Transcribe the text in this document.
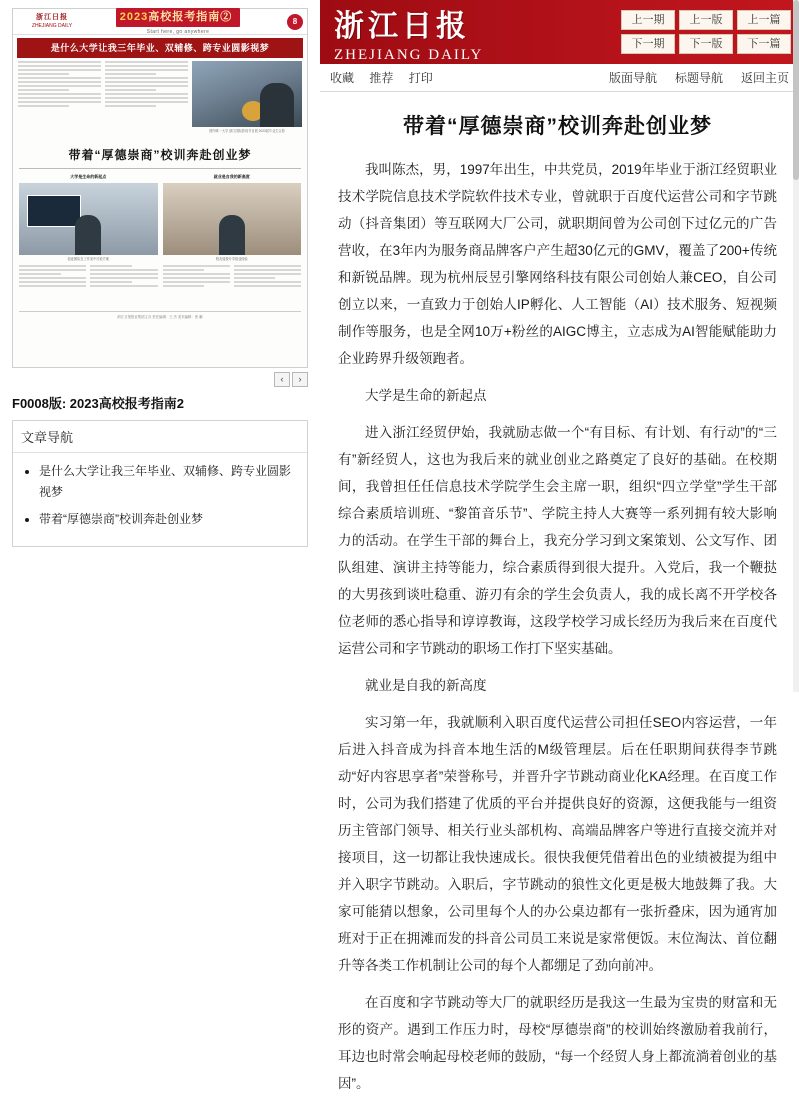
浙江日报
ZHEJIANG DAILY
2023高校报考指南②
Start here, go anywhere
8
是什么大学让我三年毕业、双辅修、跨专业圆影视梦
国内唯一大学 浙江国际影视节目展 2023届毕业生合影
带着“厚德崇商”校训奔赴创业梦
大学是生命的新起点
创业团队在工作室中讨论方案
就业是自我的新高度
校友返校分享创业经验
浙江日报报业集团主办 责任编辑：王 杰 美术编辑：张 鹏
‹	›
F0008版: 2023高校报考指南2
文章导航
• 是什么大学让我三年毕业、双辅修、跨专业圆影视梦
• 带着“厚德崇商”校训奔赴创业梦
浙江日报
ZHEJIANG DAILY
上一期	上一版	上一篇
下一期	下一版	下一篇
收藏 推荐 打印	版面导航 标题导航 返回主页
带着“厚德崇商”校训奔赴创业梦

我叫陈杰，男，1997年出生，中共党员，2019年毕业于浙江经贸职业技术学院信息技术学院软件技术专业，曾就职于百度代运营公司和字节跳动（抖音集团）等互联网大厂公司，就职期间曾为公司创下过亿元的广告营收，在3年内为服务商品牌客户产生超30亿元的GMV，覆盖了200+传统和新锐品牌。现为杭州辰昱引擎网络科技有限公司创始人兼CEO，自公司创立以来，一直致力于创始人IP孵化、人工智能（AI）技术服务、短视频制作等服务，也是全网10万+粉丝的AIGC博主，立志成为AI智能赋能助力企业跨界升级领跑者。

大学是生命的新起点

进入浙江经贸伊始，我就励志做一个“有目标、有计划、有行动”的“三有”新经贸人，这也为我后来的就业创业之路奠定了良好的基础。在校期间，我曾担任任信息技术学院学生会主席一职，组织“四立学堂”学生干部综合素质培训班、“黎笛音乐节”、学院主持人大赛等一系列拥有较大影响力的活动。在学生干部的舞台上，我充分学习到文案策划、公文写作、团队组建、演讲主持等能力，综合素质得到很大提升。入党后，我一个鞭挞的大男孩到谈吐稳重、游刃有余的学生会负责人，我的成长离不开学校各位老师的悉心指导和谆谆教诲，这段学校学习成长经历为我后来在百度代运营公司和字节跳动的职场工作打下坚实基础。

就业是自我的新高度

实习第一年，我就顺利入职百度代运营公司担任SEO内容运营，一年后进入抖音成为抖音本地生活的M级管理层。后在任职期间获得李节跳动“好内容思享者”荣誉称号，并晋升字节跳动商业化KA经理。在百度工作时，公司为我们搭建了优质的平台并提供良好的资源，这便我能与一组资历主管部门领导、相关行业头部机构、高端品牌客户等进行直接交流并对接项目，这一切都让我快速成长。很快我便凭借着出色的业绩被提为组中并入职字节跳动。入职后，字节跳动的狼性文化更是极大地鼓舞了我。大家可能猜以想象，公司里每个人的办公桌边都有一张折叠床，因为通宵加班对于正在拥滩而发的抖音公司员工来说是家常便饭。末位淘汰、首位翻升等各类工作机制让公司的每个人都绷足了劲向前冲。

在百度和字节跳动等大厂的就职经历是我这一生最为宝贵的财富和无形的资产。遇到工作压力时，母校“厚德崇商”的校训始终激励着我前行，耳边也时常会响起母校老师的鼓励，“每一个经贸人身上都流淌着创业的基因”。
